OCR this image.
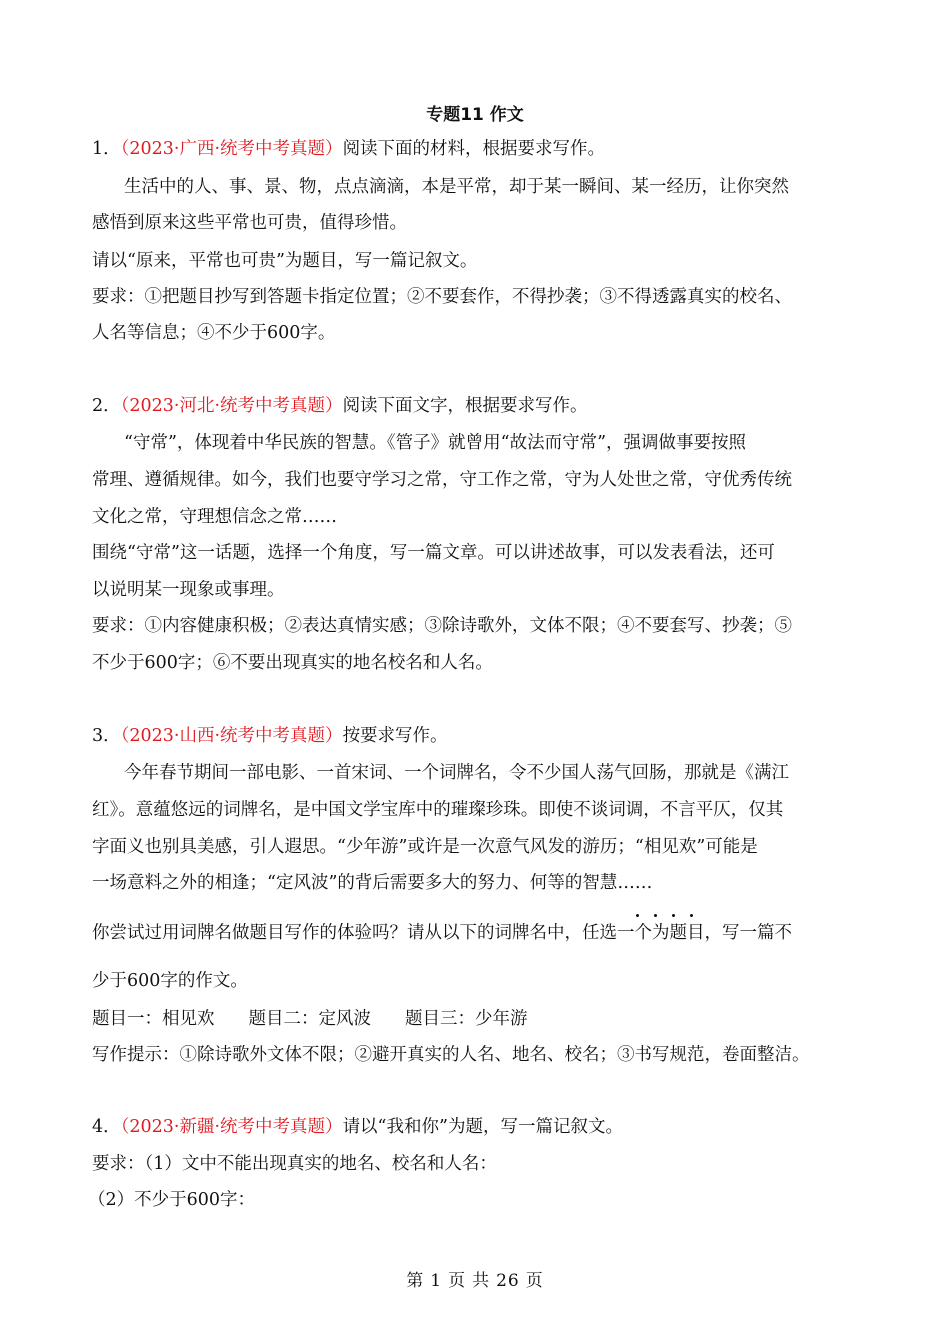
专题11 作文
1．（2023·广西·统考中考真题）阅读下面的材料，根据要求写作。
生活中的人、事、景、物，点点滴滴，本是平常，却于某一瞬间、某一经历，让你突然
感悟到原来这些平常也可贵，值得珍惜。
请以“原来，平常也可贵”为题目，写一篇记叙文。
要求：①把题目抄写到答题卡指定位置；②不要套作，不得抄袭；③不得透露真实的校名、
人名等信息；④不少于600字。
2．（2023·河北·统考中考真题）阅读下面文字，根据要求写作。
“守常”，体现着中华民族的智慧。《管子》就曾用“故法而守常”，强调做事要按照
常理、遵循规律。如今，我们也要守学习之常，守工作之常，守为人处世之常，守优秀传统
文化之常，守理想信念之常……
围绕“守常”这一话题，选择一个角度，写一篇文章。可以讲述故事，可以发表看法，还可
以说明某一现象或事理。
要求：①内容健康积极；②表达真情实感；③除诗歌外，文体不限；④不要套写、抄袭；⑤
不少于600字；⑥不要出现真实的地名校名和人名。
3．（2023·山西·统考中考真题）按要求写作。
今年春节期间一部电影、一首宋词、一个词牌名，令不少国人荡气回肠，那就是《满江
红》。意蕴悠远的词牌名，是中国文学宝库中的璀璨珍珠。即使不谈词调，不言平仄，仅其
字面义也别具美感，引人遐思。“少年游”或许是一次意气风发的游历；“相见欢”可能是
一场意料之外的相逢；“定风波”的背后需要多大的努力、何等的智慧……
你尝试过用词牌名做题目写作的体验吗？请从以下的词牌名中，任选一个为题目，写一篇不
少于600字的作文。
题目一：相见欢 题目二：定风波 题目三：少年游
写作提示：①除诗歌外文体不限；②避开真实的人名、地名、校名；③书写规范，卷面整洁。
4．（2023·新疆·统考中考真题）请以“我和你”为题，写一篇记叙文。
要求：（1）文中不能出现真实的地名、校名和人名：
（2）不少于600字：
第 1 页 共 26 页
